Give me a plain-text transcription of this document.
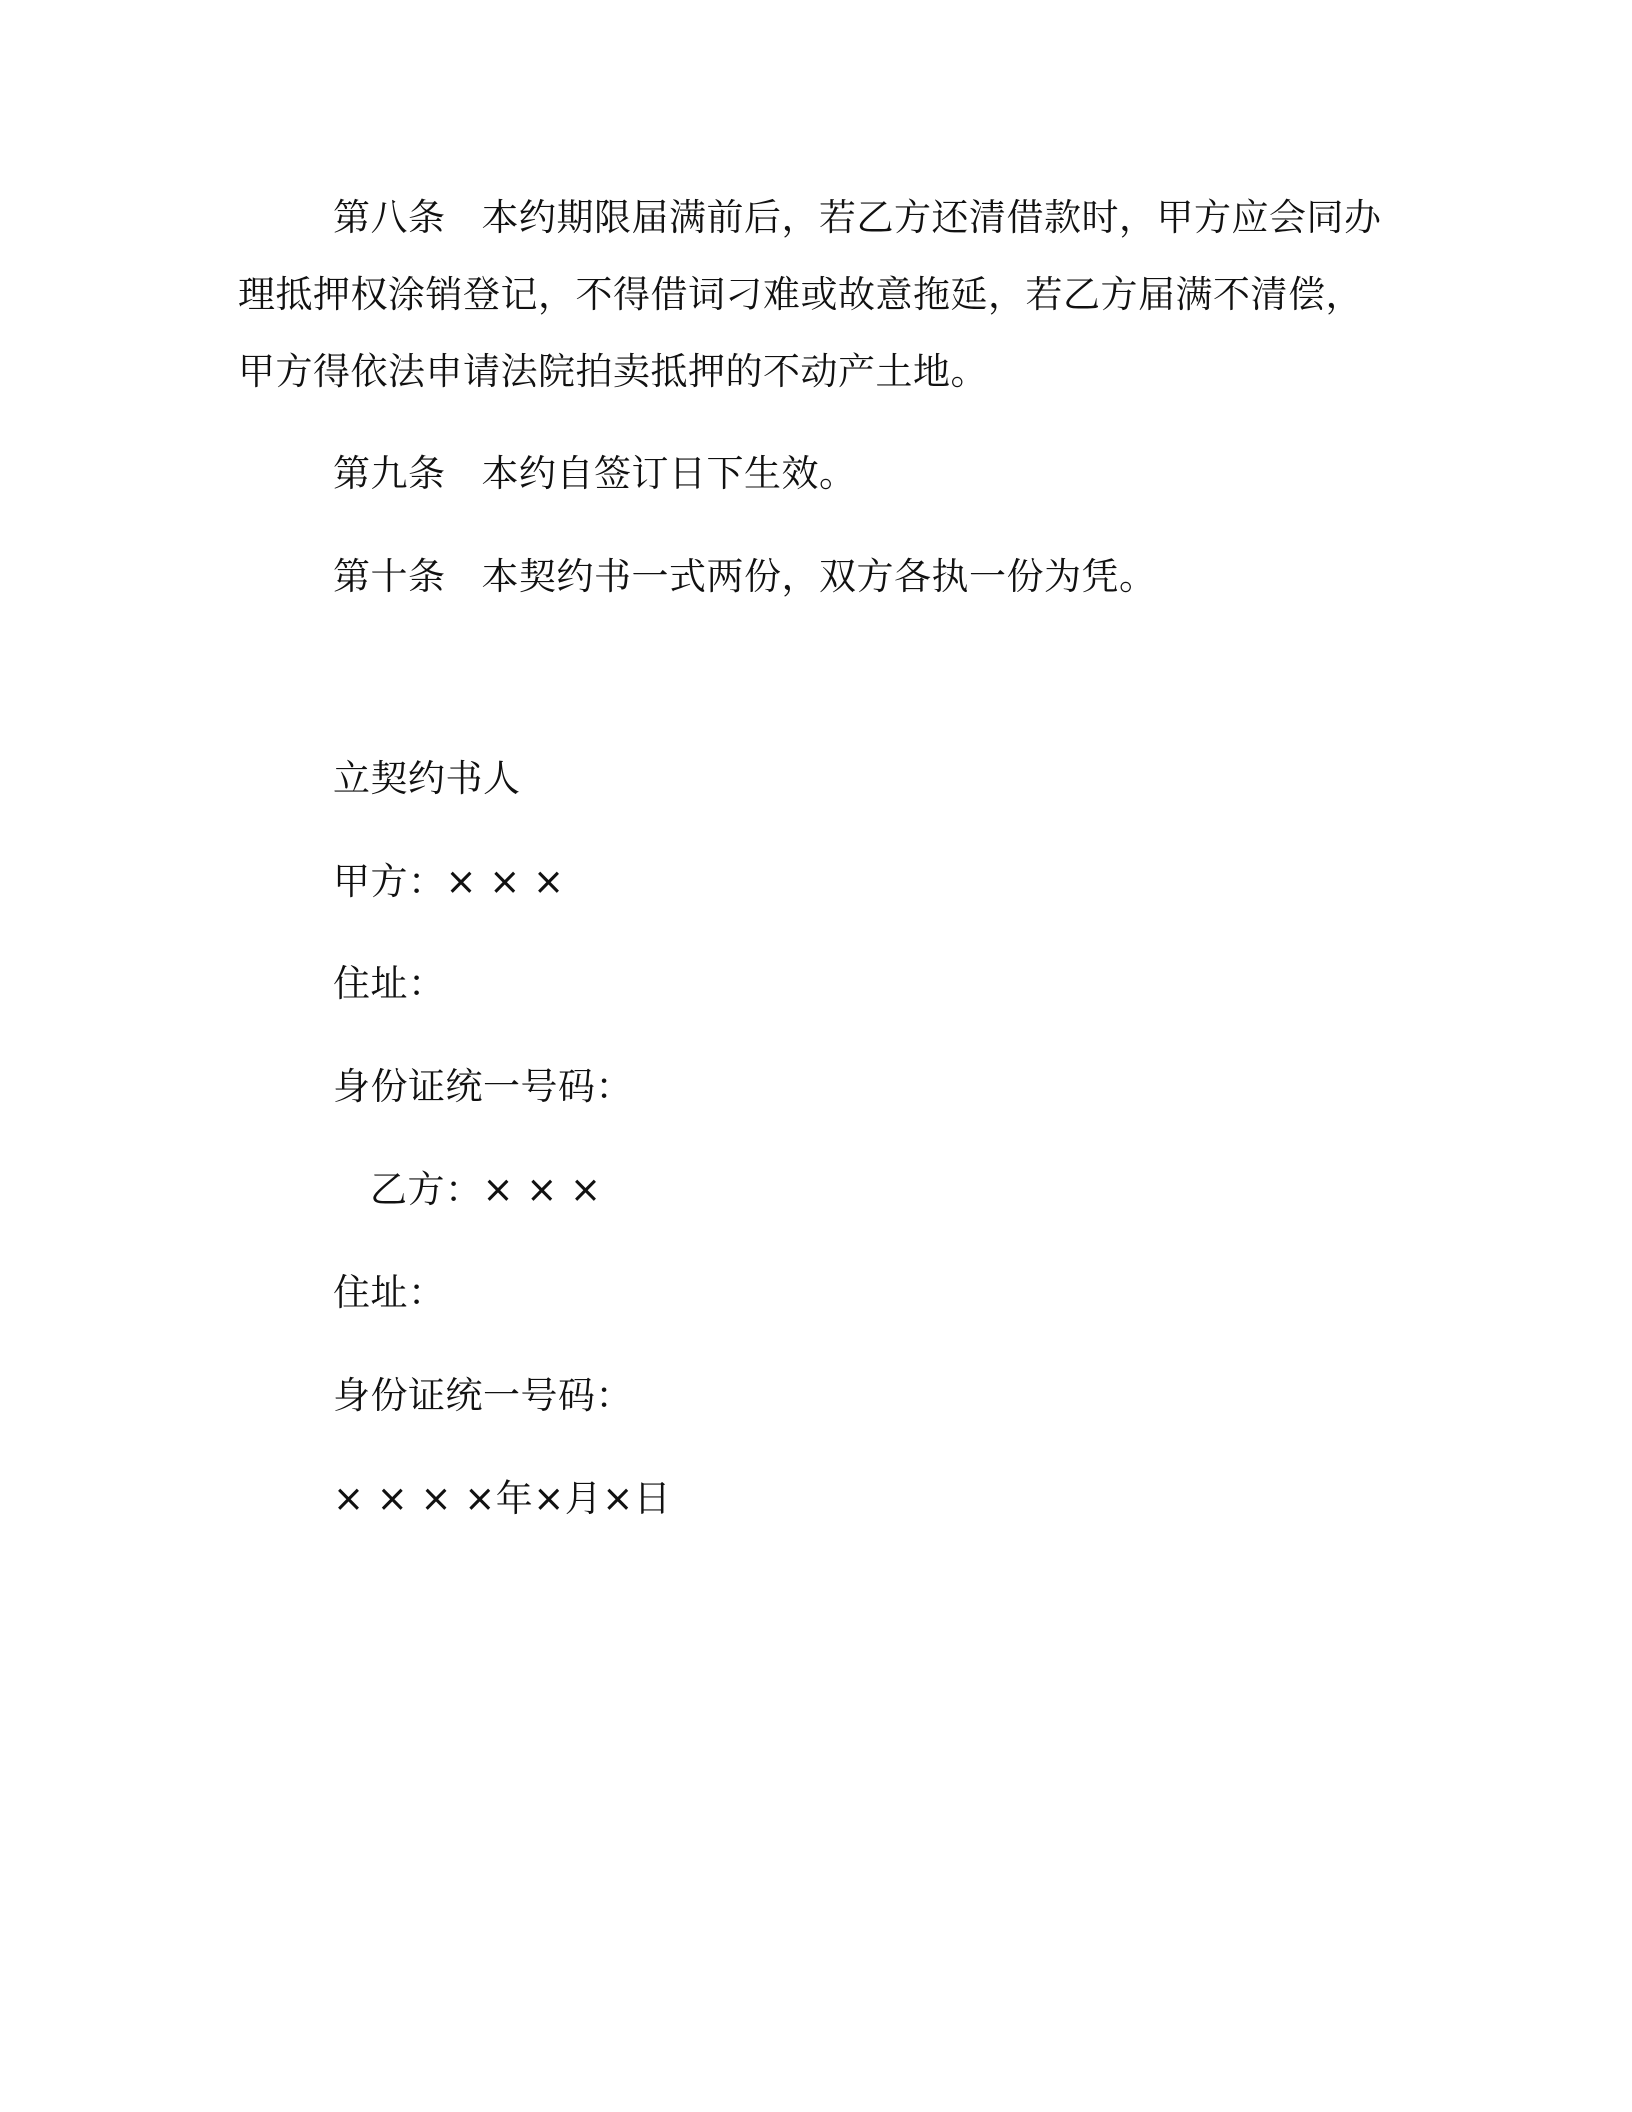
第八条 本约期限届满前后，若乙方还清借款时，甲方应会同办
理抵押权涂销登记，不得借词刁难或故意拖延，若乙方届满不清偿，
甲方得依法申请法院拍卖抵押的不动产土地。
第九条 本约自签订日下生效。
第十条 本契约书一式两份，双方各执一份为凭。
立契约书人
甲方：× × ×
住址：
身份证统一号码：
乙方：× × ×
住址：
身份证统一号码：
× × × ×年×月×日
